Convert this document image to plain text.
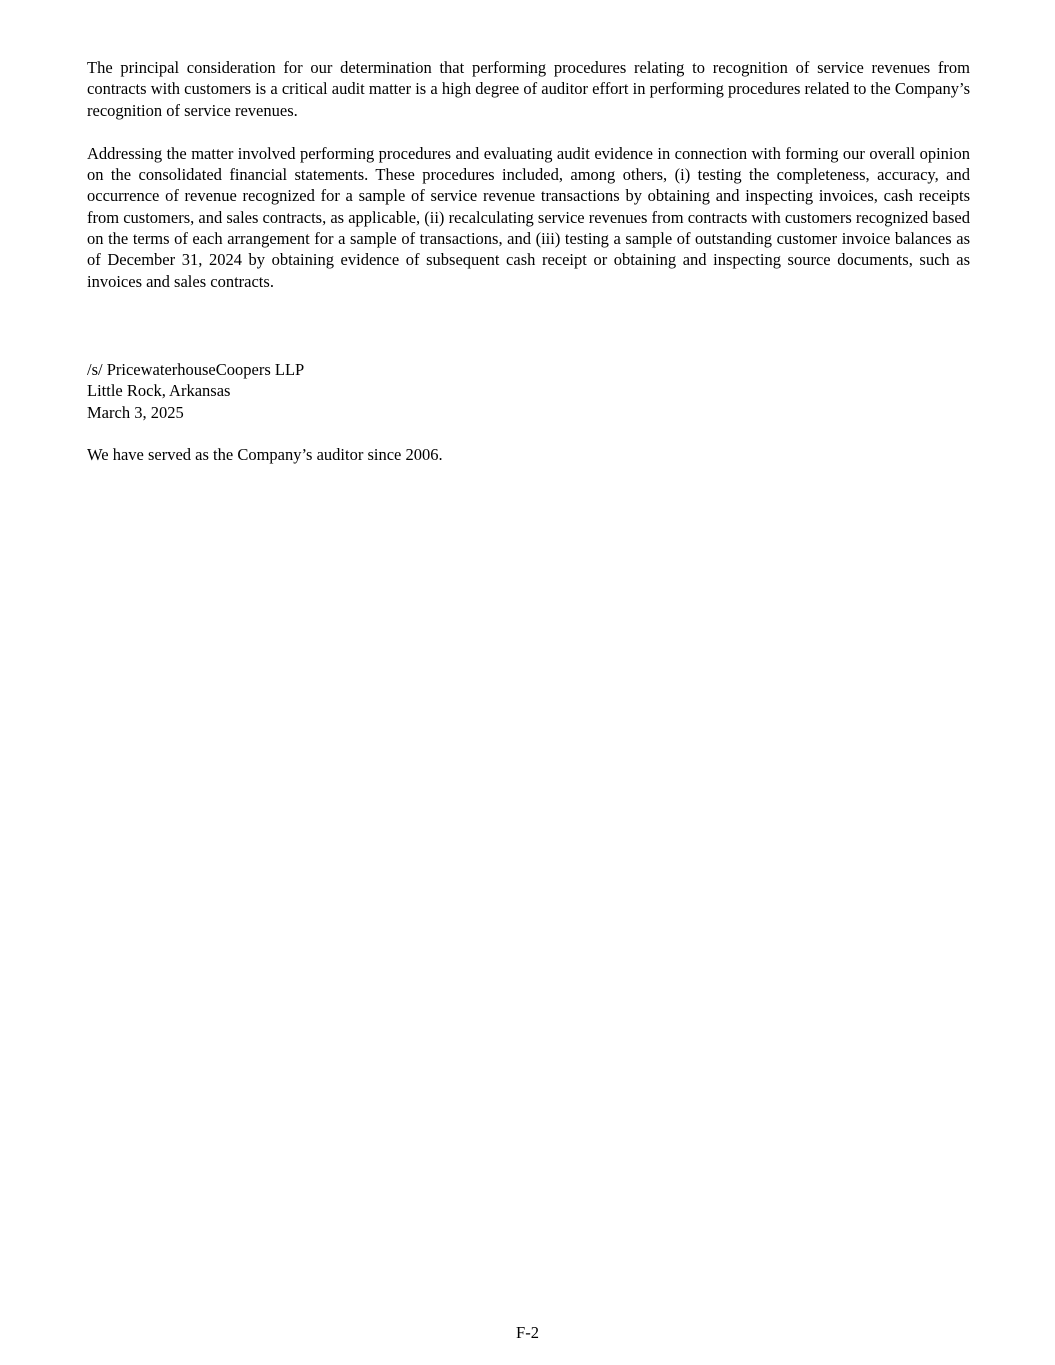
The principal consideration for our determination that performing procedures relating to recognition of service revenues from contracts with customers is a critical audit matter is a high degree of auditor effort in performing procedures related to the Company’s recognition of service revenues.

Addressing the matter involved performing procedures and evaluating audit evidence in connection with forming our overall opinion on the consolidated financial statements. These procedures included, among others, (i) testing the completeness, accuracy, and occurrence of revenue recognized for a sample of service revenue transactions by obtaining and inspecting invoices, cash receipts from customers, and sales contracts, as applicable, (ii) recalculating service revenues from contracts with customers recognized based on the terms of each arrangement for a sample of transactions, and (iii) testing a sample of outstanding customer invoice balances as of December 31, 2024 by obtaining evidence of subsequent cash receipt or obtaining and inspecting source documents, such as invoices and sales contracts.

/s/ PricewaterhouseCoopers LLP

Little Rock, Arkansas

March 3, 2025

We have served as the Company’s auditor since 2006.

F-2
